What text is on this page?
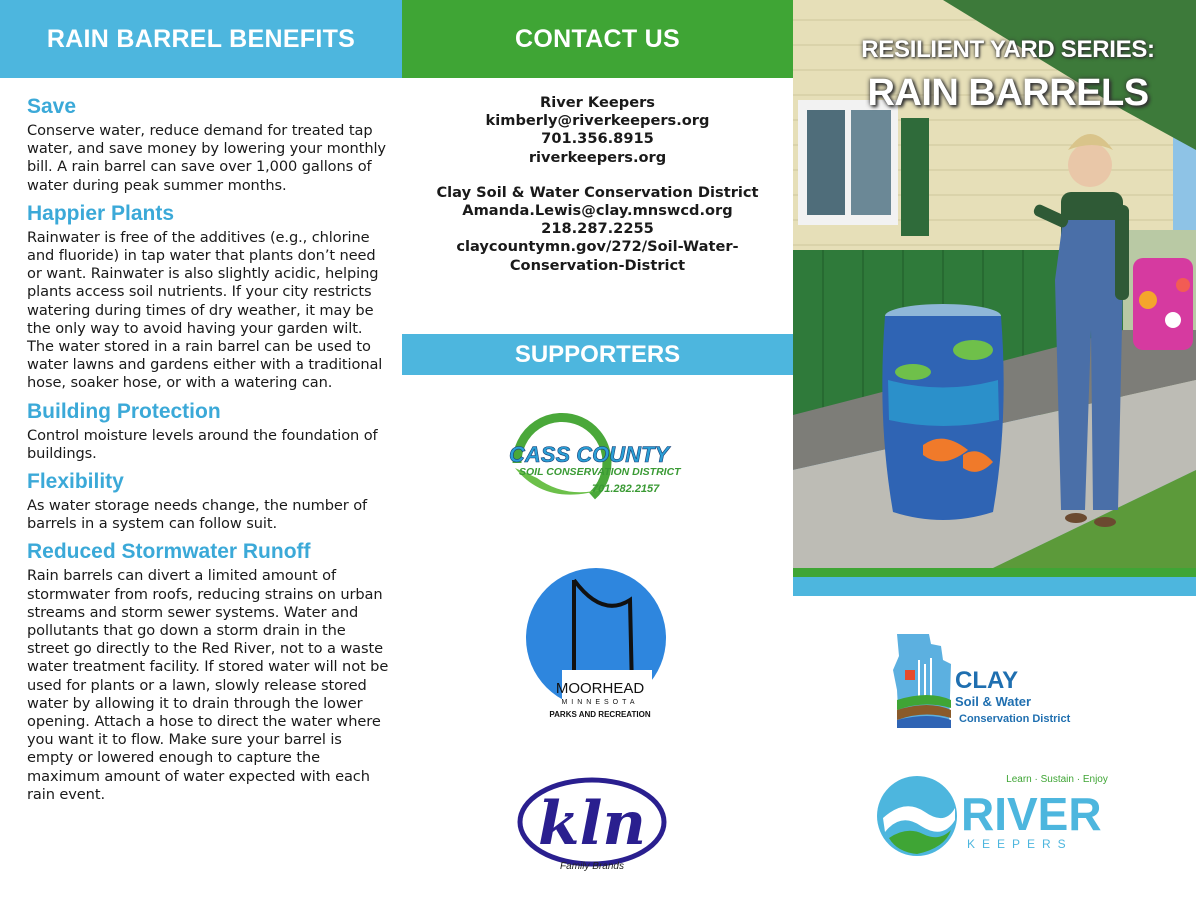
RAIN BARREL BENEFITS
Save

Conserve water, reduce demand for treated tap water, and save money by lowering your monthly bill. A rain barrel can save over 1,000 gallons of water during peak summer months.

Happier Plants

Rainwater is free of the additives (e.g., chlorine and fluoride) in tap water that plants don’t need or want. Rainwater is also slightly acidic, helping plants access soil nutrients. If your city restricts watering during times of dry weather, it may be the only way to avoid having your garden wilt. The water stored in a rain barrel can be used to water lawns and gardens either with a traditional hose, soaker hose, or with a watering can.

Building Protection

Control moisture levels around the foundation of buildings.

Flexibility

As water storage needs change, the number of barrels in a system can follow suit.

Reduced Stormwater Runoff

Rain barrels can divert a limited amount of stormwater from roofs, reducing strains on urban streams and storm sewer systems. Water and pollutants that go down a storm drain in the street go directly to the Red River, not to a waste water treatment facility. If stored water will not be used for plants or a lawn, slowly release stored water by allowing it to drain through the lower opening. Attach a hose to direct the water where you want it to flow. Make sure your barrel is empty or lowered enough to capture the maximum amount of water expected with each rain event.

CONTACT US
River Keepers
kimberly@riverkeepers.org
701.356.8915
riverkeepers.org
Clay Soil & Water Conservation District
Amanda.Lewis@clay.mnswcd.org
218.287.2255
claycountymn.gov/272/Soil-Water-Conservation-District
SUPPORTERS
CASS COUNTY
SOIL CONSERVATION DISTRICT
701.282.2157
MOORHEAD
MINNESOTA
PARKS AND RECREATION
kln
Family Brands
RESILIENT YARD SERIES:
RAIN BARRELS
CLAY
Soil & Water
Conservation District
Learn · Sustain · Enjoy
RIVER
KEEPERS
